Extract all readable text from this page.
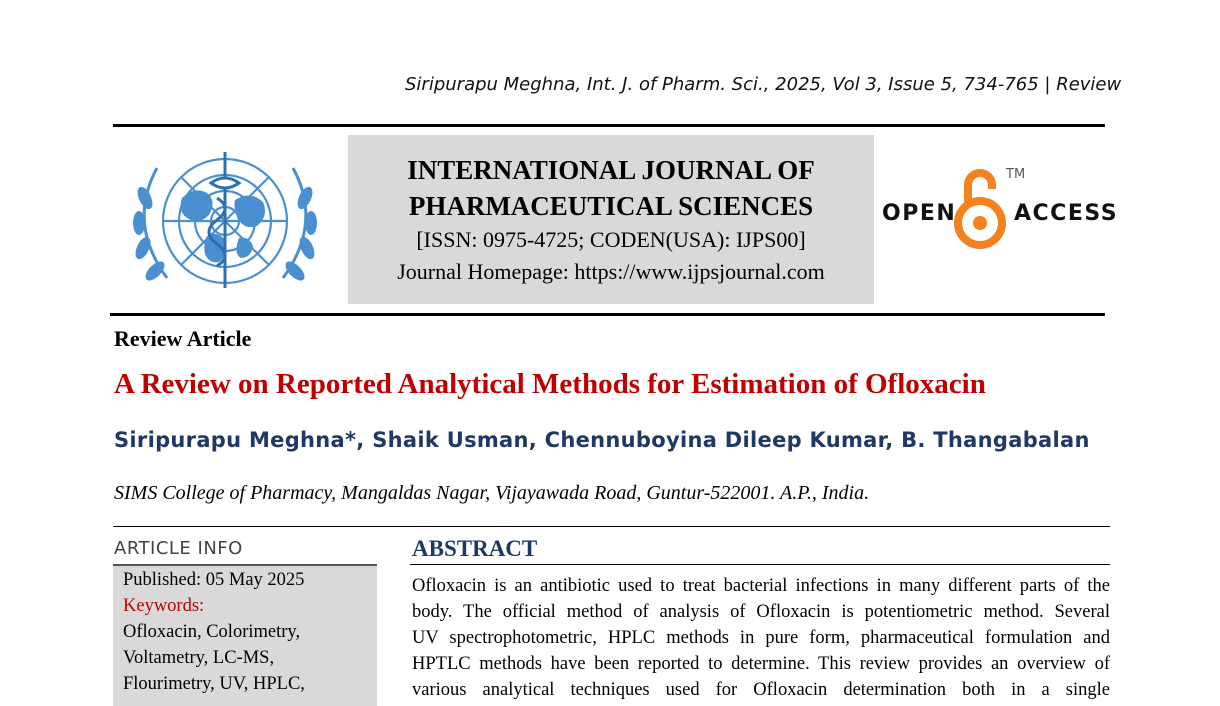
Siripurapu Meghna, Int. J. of Pharm. Sci., 2025, Vol 3, Issue 5, 734-765 | Review
INTERNATIONAL JOURNAL OF
PHARMACEUTICAL SCIENCES
[ISSN: 0975-4725; CODEN(USA): IJPS00]
Journal Homepage: https://www.ijpsjournal.com
OPEN
TM
ACCESS
Review Article
A Review on Reported Analytical Methods for Estimation of Ofloxacin
Siripurapu Meghna*, Shaik Usman, Chennuboyina Dileep Kumar, B. Thangabalan
SIMS College of Pharmacy, Mangaldas Nagar, Vijayawada Road, Guntur-522001. A.P., India.
ARTICLE INFO
Published: 05 May 2025
Keywords:
Ofloxacin, Colorimetry,
Voltametry, LC-MS,
Flourimetry, UV, HPLC,
ABSTRACT
Ofloxacin is an antibiotic used to treat bacterial infections in many different parts of the
body. The official method of analysis of Ofloxacin is potentiometric method. Several
UV spectrophotometric, HPLC methods in pure form, pharmaceutical formulation and
HPTLC methods have been reported to determine. This review provides an overview of
various analytical techniques used for Ofloxacin determination both in a single
